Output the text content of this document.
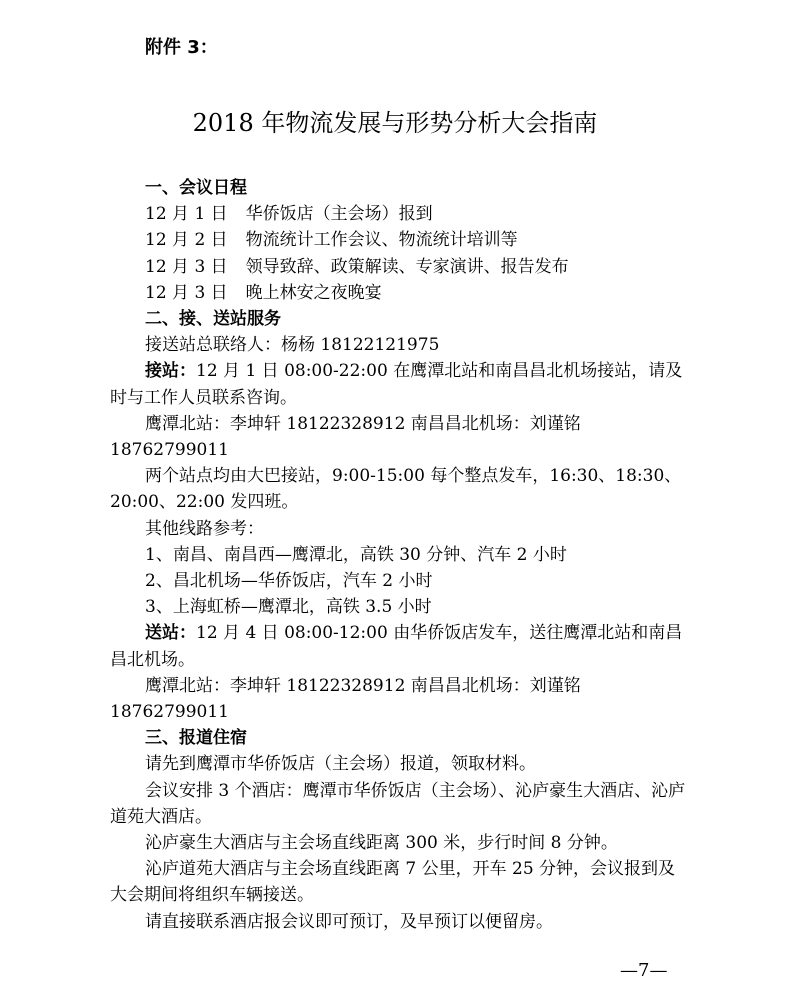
附件 3：
2018 年物流发展与形势分析大会指南

一、会议日程

12 月 1 日 华侨饭店（主会场）报到

12 月 2 日 物流统计工作会议、物流统计培训等

12 月 3 日 领导致辞、政策解读、专家演讲、报告发布

12 月 3 日 晚上林安之夜晚宴

二、接、送站服务

接送站总联络人：杨杨 18122121975

接站：12 月 1 日 08:00-22:00 在鹰潭北站和南昌昌北机场接站，请及时与工作人员联系咨询。

鹰潭北站：李坤轩 18122328912 南昌昌北机场：刘谨铭 18762799011

两个站点均由大巴接站，9:00-15:00 每个整点发车，16:30、18:30、20:00、22:00 发四班。

其他线路参考：

1、南昌、南昌西—鹰潭北，高铁 30 分钟、汽车 2 小时

2、昌北机场—华侨饭店，汽车 2 小时

3、上海虹桥—鹰潭北，高铁 3.5 小时

送站：12 月 4 日 08:00-12:00 由华侨饭店发车，送往鹰潭北站和南昌昌北机场。

鹰潭北站：李坤轩 18122328912 南昌昌北机场：刘谨铭 18762799011

三、报道住宿

请先到鹰潭市华侨饭店（主会场）报道，领取材料。

会议安排 3 个酒店：鹰潭市华侨饭店（主会场）、沁庐豪生大酒店、沁庐道苑大酒店。

沁庐豪生大酒店与主会场直线距离 300 米，步行时间 8 分钟。

沁庐道苑大酒店与主会场直线距离 7 公里，开车 25 分钟，会议报到及大会期间将组织车辆接送。

请直接联系酒店报会议即可预订，及早预订以便留房。

—7—
